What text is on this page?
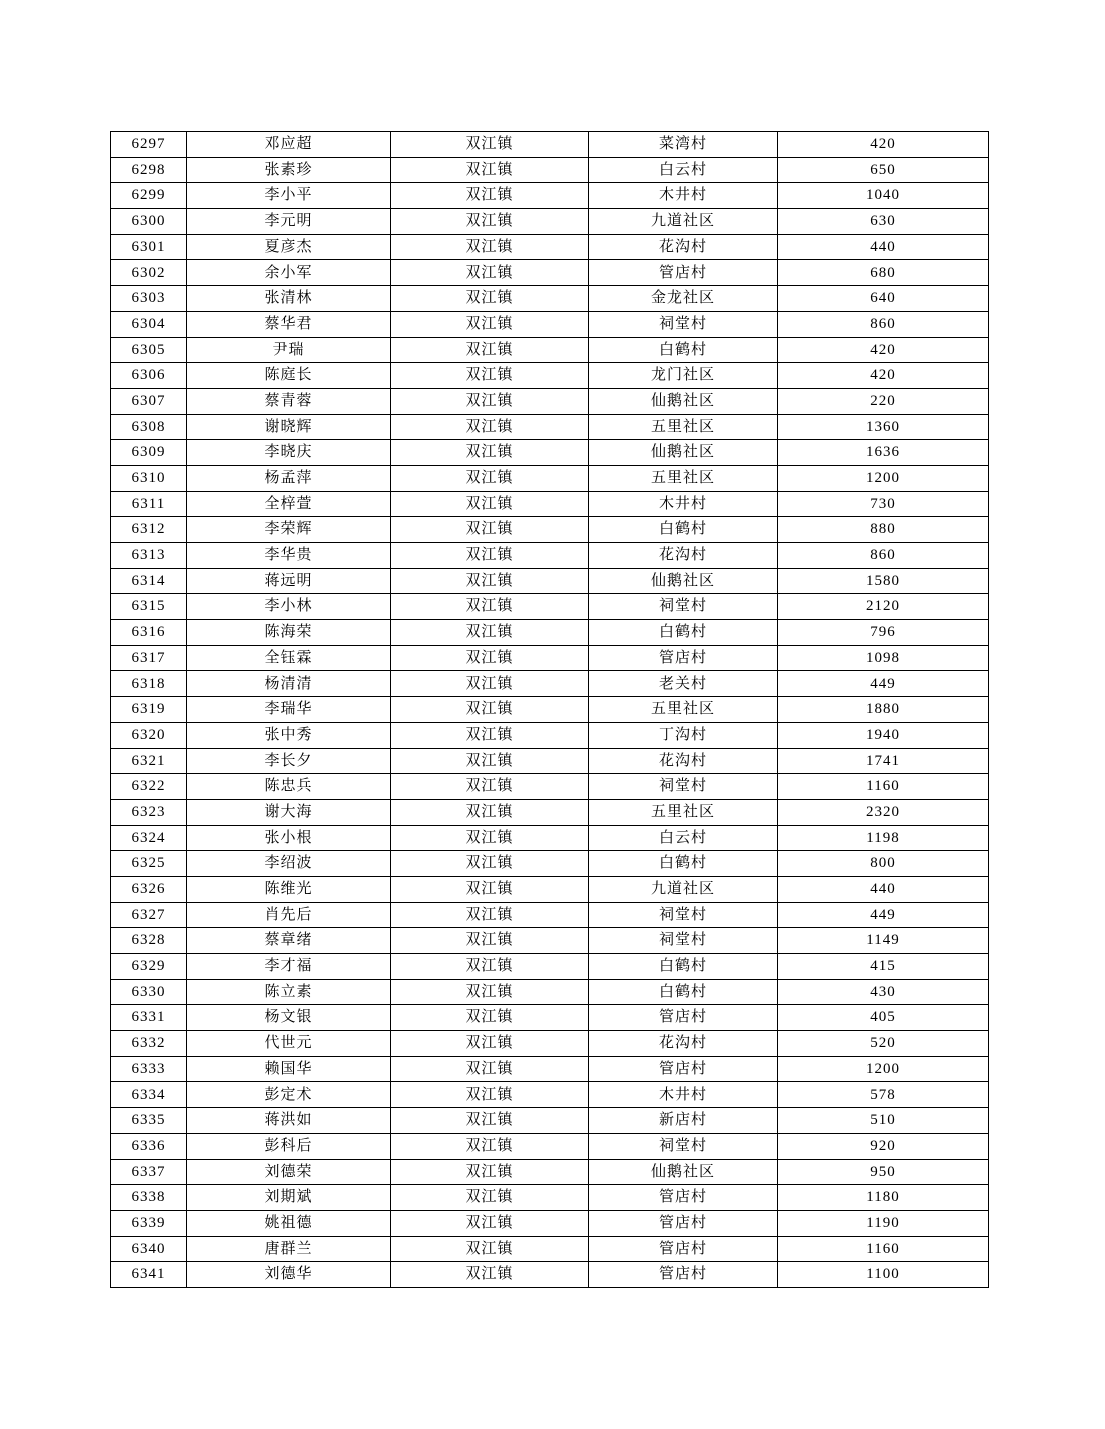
6297	邓应超	双江镇	菜湾村	420
6298	张素珍	双江镇	白云村	650
6299	李小平	双江镇	木井村	1040
6300	李元明	双江镇	九道社区	630
6301	夏彦杰	双江镇	花沟村	440
6302	余小军	双江镇	管店村	680
6303	张清林	双江镇	金龙社区	640
6304	蔡华君	双江镇	祠堂村	860
6305	尹瑞	双江镇	白鹤村	420
6306	陈庭长	双江镇	龙门社区	420
6307	蔡青蓉	双江镇	仙鹅社区	220
6308	谢晓辉	双江镇	五里社区	1360
6309	李晓庆	双江镇	仙鹅社区	1636
6310	杨孟萍	双江镇	五里社区	1200
6311	全梓萱	双江镇	木井村	730
6312	李荣辉	双江镇	白鹤村	880
6313	李华贵	双江镇	花沟村	860
6314	蒋远明	双江镇	仙鹅社区	1580
6315	李小林	双江镇	祠堂村	2120
6316	陈海荣	双江镇	白鹤村	796
6317	全钰霖	双江镇	管店村	1098
6318	杨清清	双江镇	老关村	449
6319	李瑞华	双江镇	五里社区	1880
6320	张中秀	双江镇	丁沟村	1940
6321	李长夕	双江镇	花沟村	1741
6322	陈忠兵	双江镇	祠堂村	1160
6323	谢大海	双江镇	五里社区	2320
6324	张小根	双江镇	白云村	1198
6325	李绍波	双江镇	白鹤村	800
6326	陈维光	双江镇	九道社区	440
6327	肖先后	双江镇	祠堂村	449
6328	蔡章绪	双江镇	祠堂村	1149
6329	李才福	双江镇	白鹤村	415
6330	陈立素	双江镇	白鹤村	430
6331	杨文银	双江镇	管店村	405
6332	代世元	双江镇	花沟村	520
6333	赖国华	双江镇	管店村	1200
6334	彭定术	双江镇	木井村	578
6335	蒋洪如	双江镇	新店村	510
6336	彭科后	双江镇	祠堂村	920
6337	刘德荣	双江镇	仙鹅社区	950
6338	刘期斌	双江镇	管店村	1180
6339	姚祖德	双江镇	管店村	1190
6340	唐群兰	双江镇	管店村	1160
6341	刘德华	双江镇	管店村	1100
